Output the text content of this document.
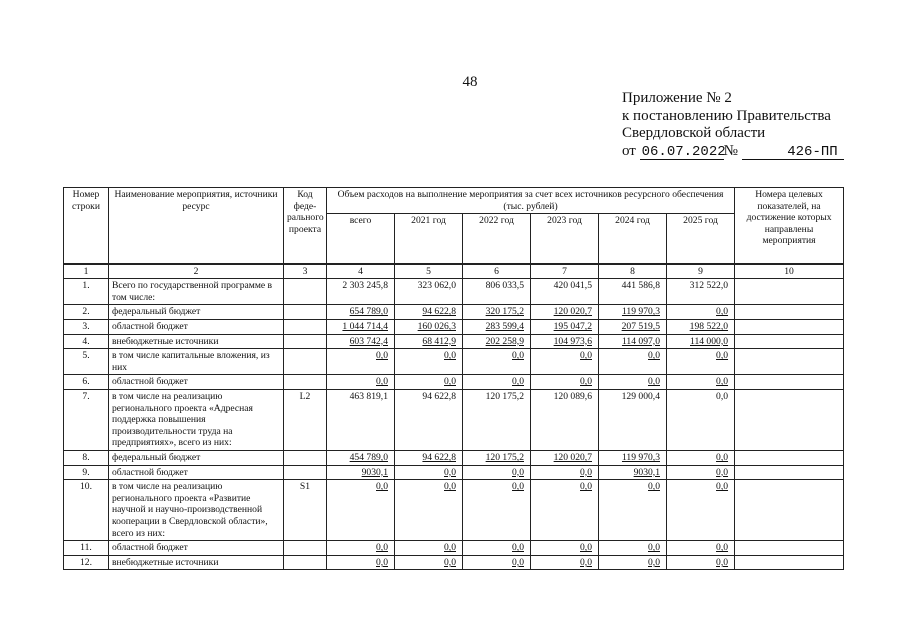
48
Приложение № 2
к постановлению Правительства
Свердловской области
от 06.07.2022№	426-ПП
Номер строки	Наименование мероприятия, источники ресурс	Код феде-рального проекта	Объем расходов на выполнение мероприятия за счет всех источников ресурсного обеспечения (тыс. рублей)						Номера целевых показателей, на достижение которых направлены мероприятия
			всего	2021 год	2022 год	2023 год	2024 год	2025 год	
1	2	3	4	5	6	7	8	9	10
1.	Всего по государственной программе в том числе:		2 303 245,8	323 062,0	806 033,5	420 041,5	441 586,8	312 522,0	
2.	федеральный бюджет		654 789,0	94 622,8	320 175,2	120 020,7	119 970,3	0,0	
3.	областной бюджет		1 044 714,4	160 026,3	283 599,4	195 047,2	207 519,5	198 522,0	
4.	внебюджетные источники		603 742,4	68 412,9	202 258,9	104 973,6	114 097,0	114 000,0	
5.	в том числе капитальные вложения, из них		0,0	0,0	0,0	0,0	0,0	0,0	
6.	областной бюджет		0,0	0,0	0,0	0,0	0,0	0,0	
7.	в том числе на реализацию регионального проекта «Адресная поддержка повышения производительности труда на предприятиях», всего из них:	L2	463 819,1	94 622,8	120 175,2	120 089,6	129 000,4	0,0	
8.	федеральный бюджет		454 789,0	94 622,8	120 175,2	120 020,7	119 970,3	0,0	
9.	областной бюджет		9030,1	0,0	0,0	0,0	9030,1	0,0	
10.	в том числе на реализацию регионального проекта «Развитие научной и научно-производственной кооперации в Свердловской области», всего из них:	S1	0,0	0,0	0,0	0,0	0,0	0,0	
11.	областной бюджет		0,0	0,0	0,0	0,0	0,0	0,0	
12.	внебюджетные источники		0,0	0,0	0,0	0,0	0,0	0,0	
